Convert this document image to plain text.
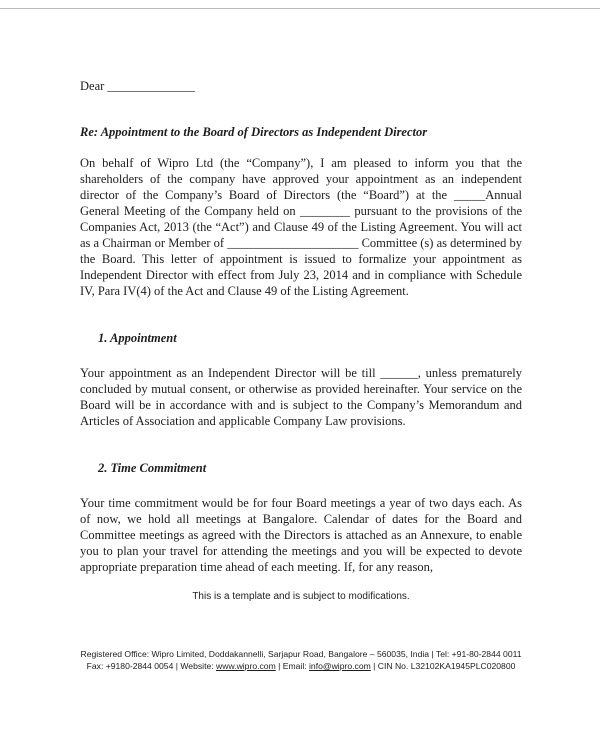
Dear ______________

Re: Appointment to the Board of Directors as Independent Director

On behalf of Wipro Ltd (the “Company”), I am pleased to inform you that the shareholders of the company have approved your appointment as an independent director of the Company’s Board of Directors (the “Board”) at the _____Annual General Meeting of the Company held on ________ pursuant to the provisions of the Companies Act, 2013 (the “Act”) and Clause 49 of the Listing Agreement. You will act as a Chairman or Member of _____________________ Committee (s) as determined by the Board. This letter of appointment is issued to formalize your appointment as Independent Director with effect from July 23, 2014 and in compliance with Schedule IV, Para IV(4) of the Act and Clause 49 of the Listing Agreement.

1. Appointment

Your appointment as an Independent Director will be till ______, unless prematurely concluded by mutual consent, or otherwise as provided hereinafter. Your service on the Board will be in accordance with and is subject to the Company’s Memorandum and Articles of Association and applicable Company Law provisions.

2. Time Commitment

Your time commitment would be for four Board meetings a year of two days each. As of now, we hold all meetings at Bangalore. Calendar of dates for the Board and Committee meetings as agreed with the Directors is attached as an Annexure, to enable you to plan your travel for attending the meetings and you will be expected to devote appropriate preparation time ahead of each meeting. If, for any reason,

This is a template and is subject to modifications.

Registered Office: Wipro Limited, Doddakannelli, Sarjapur Road, Bangalore – 560035, India | Tel: +91-80-2844 0011
Fax: +9180-2844 0054 | Website: www.wipro.com | Email: info@wipro.com | CIN No. L32102KA1945PLC020800
